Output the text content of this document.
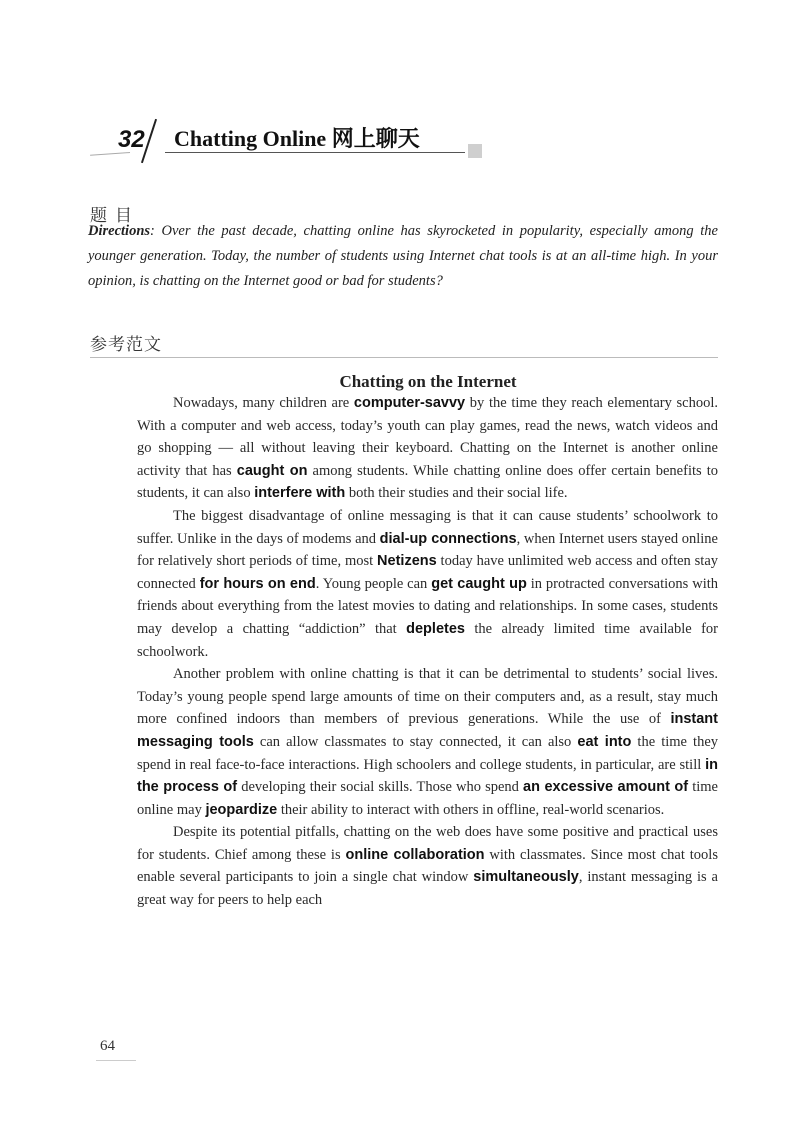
32 Chatting Online 网上聊天
题目
Directions: Over the past decade, chatting online has skyrocketed in popularity, especially among the younger generation. Today, the number of students using Internet chat tools is at an all-time high. In your opinion, is chatting on the Internet good or bad for students?
参考范文
Chatting on the Internet

Nowadays, many children are computer-savvy by the time they reach elementary school. With a computer and web access, today’s youth can play games, read the news, watch videos and go shopping — all without leaving their keyboard. Chatting on the Internet is another online activity that has caught on among students. While chatting online does offer certain benefits to students, it can also interfere with both their studies and their social life.

The biggest disadvantage of online messaging is that it can cause students’ schoolwork to suffer. Unlike in the days of modems and dial-up connections, when Internet users stayed online for relatively short periods of time, most Netizens today have unlimited web access and often stay connected for hours on end. Young people can get caught up in protracted conversations with friends about everything from the latest movies to dating and relationships. In some cases, students may develop a chatting “addiction” that depletes the already limited time available for schoolwork.

Another problem with online chatting is that it can be detrimental to students’ social lives. Today’s young people spend large amounts of time on their computers and, as a result, stay much more confined indoors than members of previous generations. While the use of instant messaging tools can allow classmates to stay connected, it can also eat into the time they spend in real face-to-face interactions. High schoolers and college students, in particular, are still in the process of developing their social skills. Those who spend an excessive amount of time online may jeopardize their ability to interact with others in offline, real-world scenarios.

Despite its potential pitfalls, chatting on the web does have some positive and practical uses for students. Chief among these is online collaboration with classmates. Since most chat tools enable several participants to join a single chat window simultaneously, instant messaging is a great way for peers to help each

64
